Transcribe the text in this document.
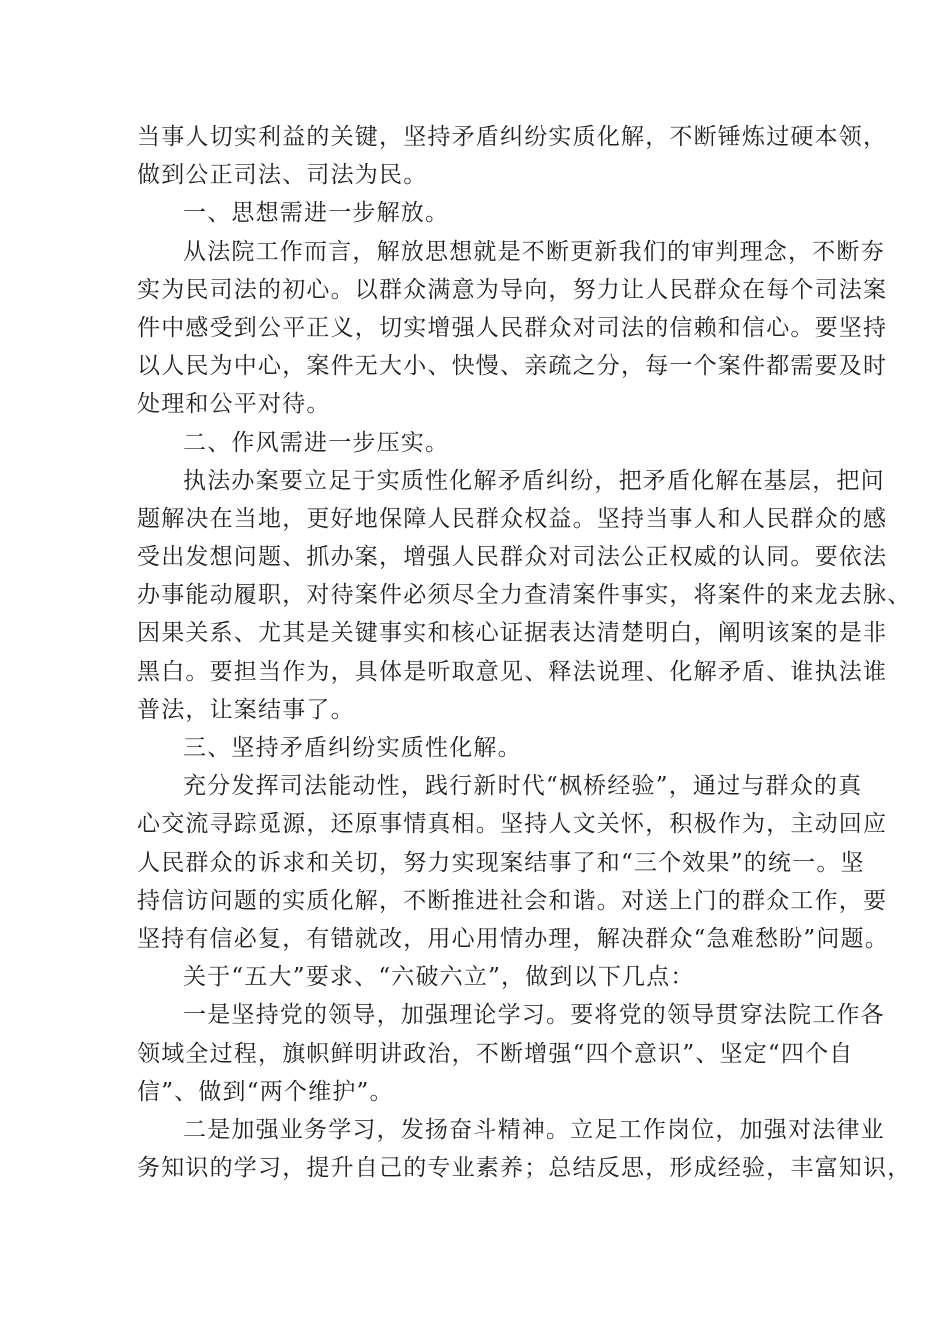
当事人切实利益的关键，坚持矛盾纠纷实质化解，不断锤炼过硬本领，
做到公正司法、司法为民。
一、思想需进一步解放。
从法院工作而言，解放思想就是不断更新我们的审判理念，不断夯
实为民司法的初心。以群众满意为导向，努力让人民群众在每个司法案
件中感受到公平正义，切实增强人民群众对司法的信赖和信心。要坚持
以人民为中心，案件无大小、快慢、亲疏之分，每一个案件都需要及时
处理和公平对待。
二、作风需进一步压实。
执法办案要立足于实质性化解矛盾纠纷，把矛盾化解在基层，把问
题解决在当地，更好地保障人民群众权益。坚持当事人和人民群众的感
受出发想问题、抓办案，增强人民群众对司法公正权威的认同。要依法
办事能动履职，对待案件必须尽全力查清案件事实，将案件的来龙去脉、
因果关系、尤其是关键事实和核心证据表达清楚明白，阐明该案的是非
黑白。要担当作为，具体是听取意见、释法说理、化解矛盾、谁执法谁
普法，让案结事了。
三、坚持矛盾纠纷实质性化解。
充分发挥司法能动性，践行新时代“枫桥经验”，通过与群众的真
心交流寻踪觅源，还原事情真相。坚持人文关怀，积极作为，主动回应
人民群众的诉求和关切，努力实现案结事了和“三个效果”的统一。坚
持信访问题的实质化解，不断推进社会和谐。对送上门的群众工作，要
坚持有信必复，有错就改，用心用情办理，解决群众“急难愁盼”问题。
关于“五大”要求、“六破六立”，做到以下几点：
一是坚持党的领导，加强理论学习。要将党的领导贯穿法院工作各
领域全过程，旗帜鲜明讲政治，不断增强“四个意识”、坚定“四个自
信”、做到“两个维护”。
二是加强业务学习，发扬奋斗精神。立足工作岗位，加强对法律业
务知识的学习，提升自己的专业素养；总结反思，形成经验，丰富知识，
